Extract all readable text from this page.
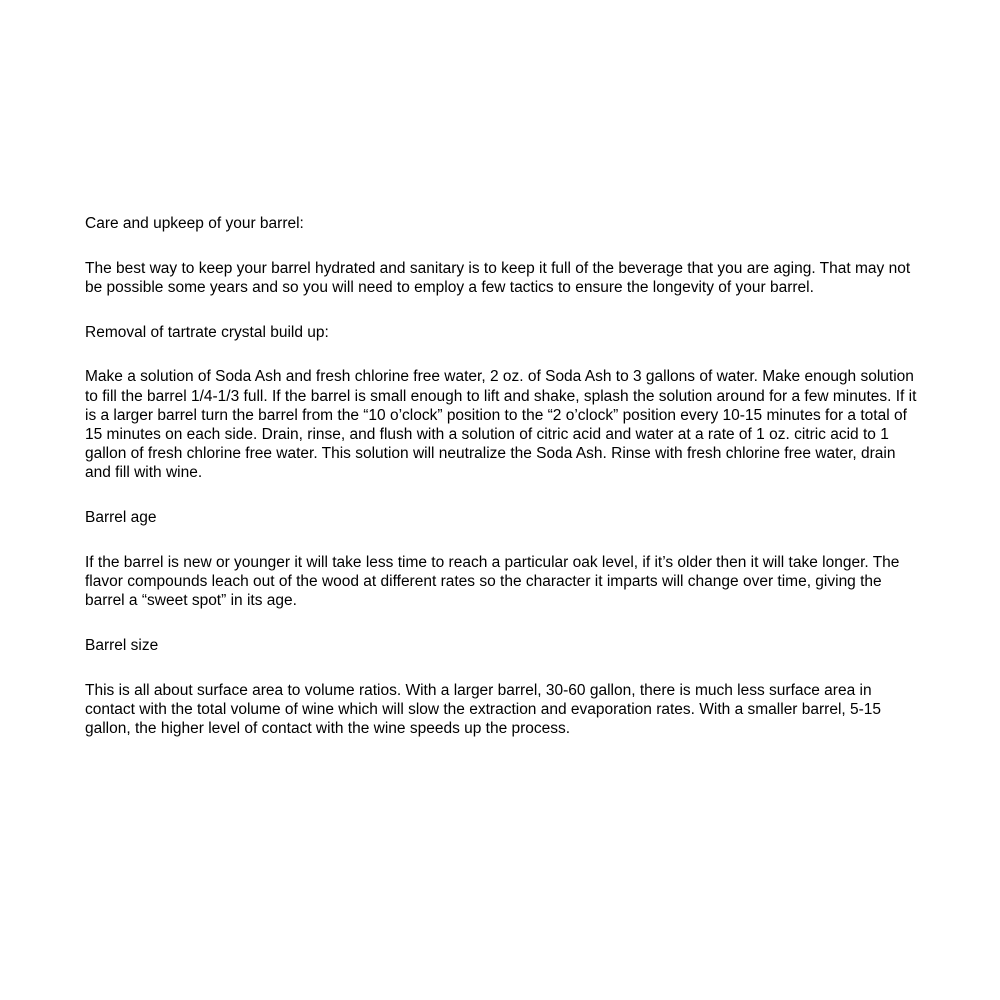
Care and upkeep of your barrel:

The best way to keep your barrel hydrated and sanitary is to keep it full of the beverage that you are aging. That may not be possible some years and so you will need to employ a few tactics to ensure the longevity of your barrel.

Removal of tartrate crystal build up:

Make a solution of Soda Ash and fresh chlorine free water, 2 oz. of Soda Ash to 3 gallons of water. Make enough solution to fill the barrel 1/4-1/3 full. If the barrel is small enough to lift and shake, splash the solution around for a few minutes. If it is a larger barrel turn the barrel from the “10 o’clock” position to the “2 o’clock” position every 10-15 minutes for a total of 15 minutes on each side. Drain, rinse, and flush with a solution of citric acid and water at a rate of 1 oz. citric acid to 1 gallon of fresh chlorine free water. This solution will neutralize the Soda Ash. Rinse with fresh chlorine free water, drain and fill with wine.

Barrel age

If the barrel is new or younger it will take less time to reach a particular oak level, if it’s older then it will take longer. The flavor compounds leach out of the wood at different rates so the character it imparts will change over time, giving the barrel a “sweet spot” in its age.

Barrel size

This is all about surface area to volume ratios. With a larger barrel, 30-60 gallon, there is much less surface area in contact with the total volume of wine which will slow the extraction and evaporation rates. With a smaller barrel, 5-15 gallon, the higher level of contact with the wine speeds up the process.
